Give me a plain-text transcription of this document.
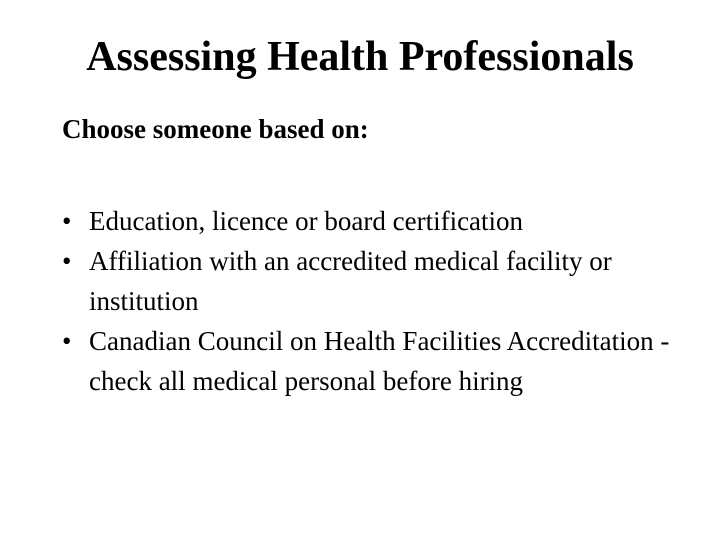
Assessing Health Professionals

Choose someone based on:

• Education, licence or board certification
• Affiliation with an accredited medical facility or institution
• Canadian Council on Health Facilities Accreditation - check all medical personal before hiring
